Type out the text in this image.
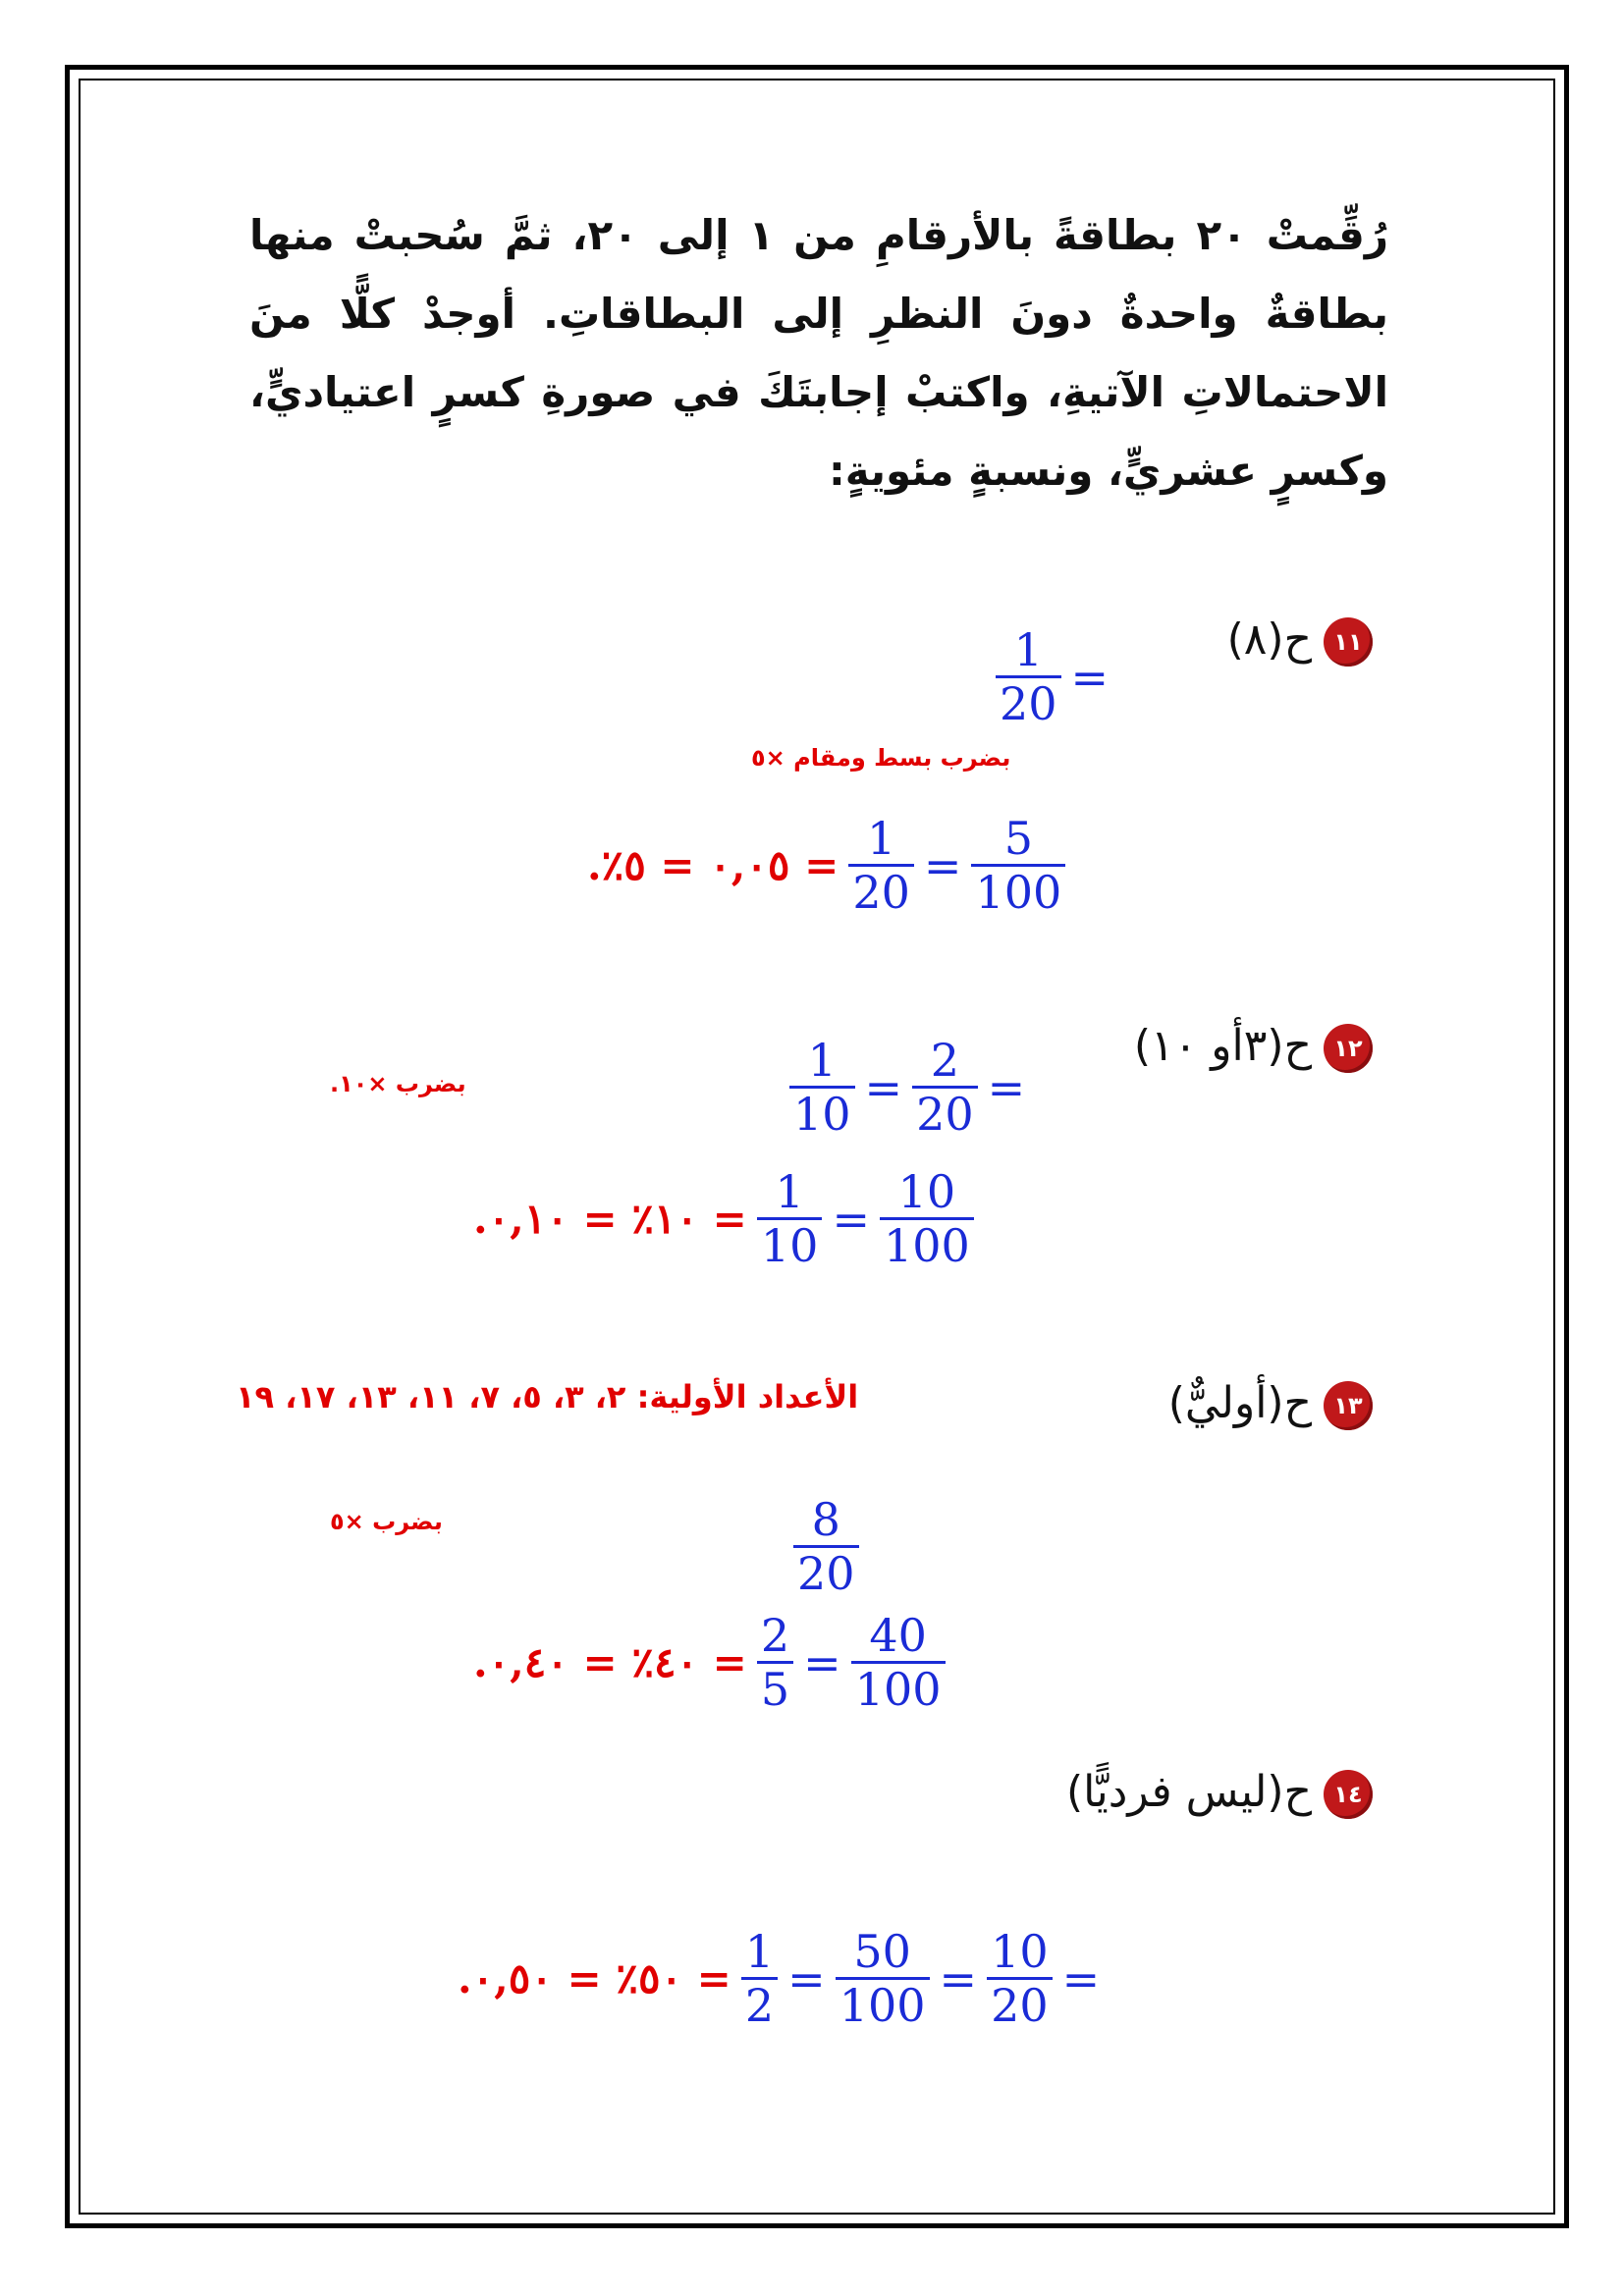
رُقِّمتْ ٢٠ بطاقةً بالأرقامِ من ١ إلى ٢٠، ثمَّ سُحبتْ منها بطاقةٌ واحدةٌ دونَ النظرِ إلى البطاقاتِ. أوجدْ كلًّا منَ الاحتمالاتِ الآتيةِ، واكتبْ إجابتَكَ في صورةِ كسرٍ اعتياديٍّ، وكسرٍ عشريٍّ، ونسبةٍ مئويةٍ:
١١ح(٨)
$\frac{1}{20}$ =
بضرب بسط ومقام ×٥
= ٠,٠٥ = ٥٪. $\frac{1}{20} = \frac{5}{100}$
١٢ح(٣أو ١٠)
بضرب ×١٠.	$\frac{1}{10} = \frac{2}{20}$ =
= ١٠٪ = ٠,١٠. $\frac{1}{10} = \frac{10}{100}$
١٣ح(أوليٌّ)
الأعداد الأولية: ٢، ٣، ٥، ٧، ١١، ١٣، ١٧، ١٩
بضرب ×٥	$\frac{8}{20}$
= ٤٠٪ = ٠,٤٠. $\frac{2}{5} = \frac{40}{100}$
١٤ح(ليس فرديًّا)
= ٥٠٪ = ٠,٥٠. $\frac{1}{2} = \frac{50}{100} = \frac{10}{20}$ =
